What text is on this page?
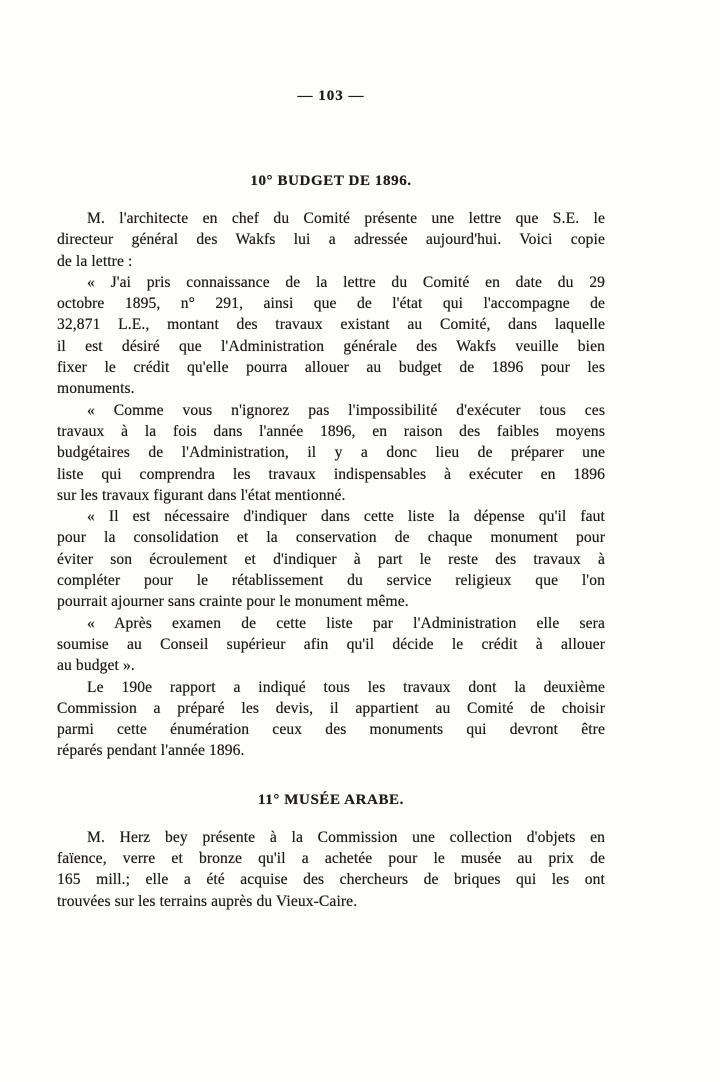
— 103 —
10° BUDGET DE 1896.
M. l'architecte en chef du Comité présente une lettre que S.E. le
directeur général des Wakfs lui a adressée aujourd'hui. Voici copie
de la lettre :
« J'ai pris connaissance de la lettre du Comité en date du 29
octobre 1895, n° 291, ainsi que de l'état qui l'accompagne de
32,871 L.E., montant des travaux existant au Comité, dans laquelle
il est désiré que l'Administration générale des Wakfs veuille bien
fixer le crédit qu'elle pourra allouer au budget de 1896 pour les
monuments.
« Comme vous n'ignorez pas l'impossibilité d'exécuter tous ces
travaux à la fois dans l'année 1896, en raison des faibles moyens
budgétaires de l'Administration, il y a donc lieu de préparer une
liste qui comprendra les travaux indispensables à exécuter en 1896
sur les travaux figurant dans l'état mentionné.
« Il est nécessaire d'indiquer dans cette liste la dépense qu'il faut
pour la consolidation et la conservation de chaque monument pour
éviter son écroulement et d'indiquer à part le reste des travaux à
compléter pour le rétablissement du service religieux que l'on
pourrait ajourner sans crainte pour le monument même.
« Après examen de cette liste par l'Administration elle sera
soumise au Conseil supérieur afin qu'il décide le crédit à allouer
au budget ».
Le 190e rapport a indiqué tous les travaux dont la deuxième
Commission a préparé les devis, il appartient au Comité de choisir
parmi cette énumération ceux des monuments qui devront être
réparés pendant l'année 1896.
11° MUSÉE ARABE.
M. Herz bey présente à la Commission une collection d'objets en
faïence, verre et bronze qu'il a achetée pour le musée au prix de
165 mill.; elle a été acquise des chercheurs de briques qui les ont
trouvées sur les terrains auprès du Vieux-Caire.
